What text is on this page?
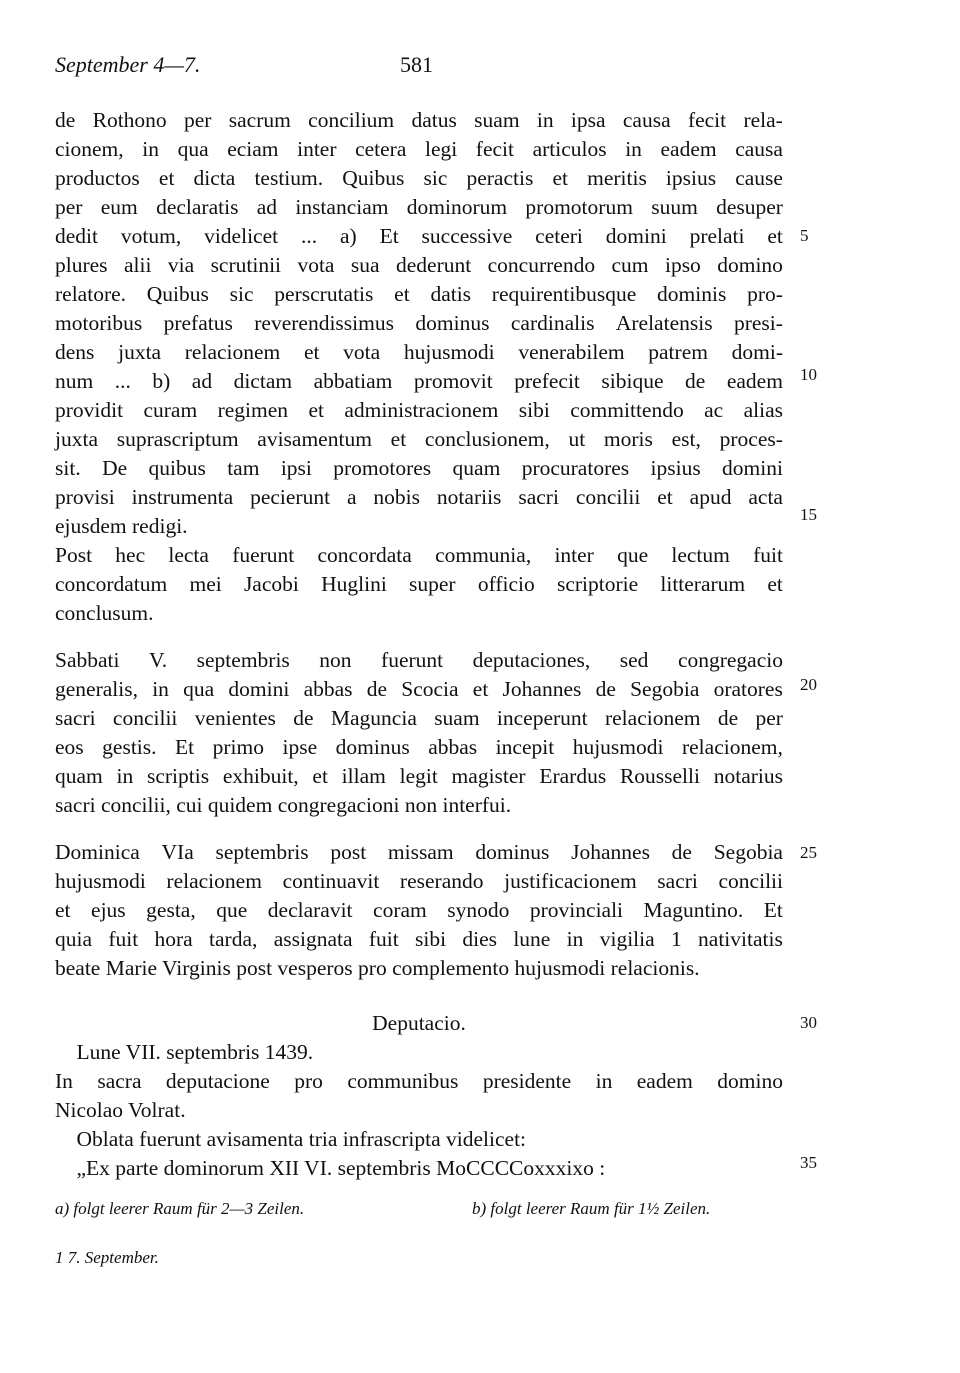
September 4—7.	581
de Rothono per sacrum concilium datus suam in ipsa causa fecit rela-
cionem, in qua eciam inter cetera legi fecit articulos in eadem causa
productos et dicta testium. Quibus sic peractis et meritis ipsius cause
per eum declaratis ad instanciam dominorum promotorum suum desuper
dedit votum, videlicet ... a) Et successive ceteri domini prelati et
plures alii via scrutinii vota sua dederunt concurrendo cum ipso domino
relatore. Quibus sic perscrutatis et datis requirentibusque dominis pro-
motoribus prefatus reverendissimus dominus cardinalis Arelatensis presi-
dens juxta relacionem et vota hujusmodi venerabilem patrem domi-
num ... b) ad dictam abbatiam promovit prefecit sibique de eadem
providit curam regimen et administracionem sibi committendo ac alias
juxta suprascriptum avisamentum et conclusionem, ut moris est, proces-
sit. De quibus tam ipsi promotores quam procuratores ipsius domini
provisi instrumenta pecierunt a nobis notariis sacri concilii et apud acta
ejusdem redigi.
Post hec lecta fuerunt concordata communia, inter que lectum fuit
concordatum mei Jacobi Huglini super officio scriptorie litterarum et
conclusum.
Sabbati V. septembris non fuerunt deputaciones, sed congregacio
generalis, in qua domini abbas de Scocia et Johannes de Segobia oratores
sacri concilii venientes de Maguncia suam inceperunt relacionem de per
eos gestis. Et primo ipse dominus abbas incepit hujusmodi relacionem,
quam in scriptis exhibuit, et illam legit magister Erardus Rousselli notarius
sacri concilii, cui quidem congregacioni non interfui.
Dominica VIa septembris post missam dominus Johannes de Segobia
hujusmodi relacionem continuavit reserando justificacionem sacri concilii
et ejus gesta, que declaravit coram synodo provinciali Maguntino. Et
quia fuit hora tarda, assignata fuit sibi dies lune in vigilia 1 nativitatis
beate Marie Virginis post vesperos pro complemento hujusmodi relacionis.
Deputacio.
Lune VII. septembris 1439.
In sacra deputacione pro communibus presidente in eadem domino
Nicolao Volrat.
Oblata fuerunt avisamenta tria infrascripta videlicet:
„Ex parte dominorum XII VI. septembris MoCCCCoxxxixo :
5
10
15
20
25
30
35
a) folgt leerer Raum für 2—3 Zeilen.	b) folgt leerer Raum für 1½ Zeilen.
1 7. September.
